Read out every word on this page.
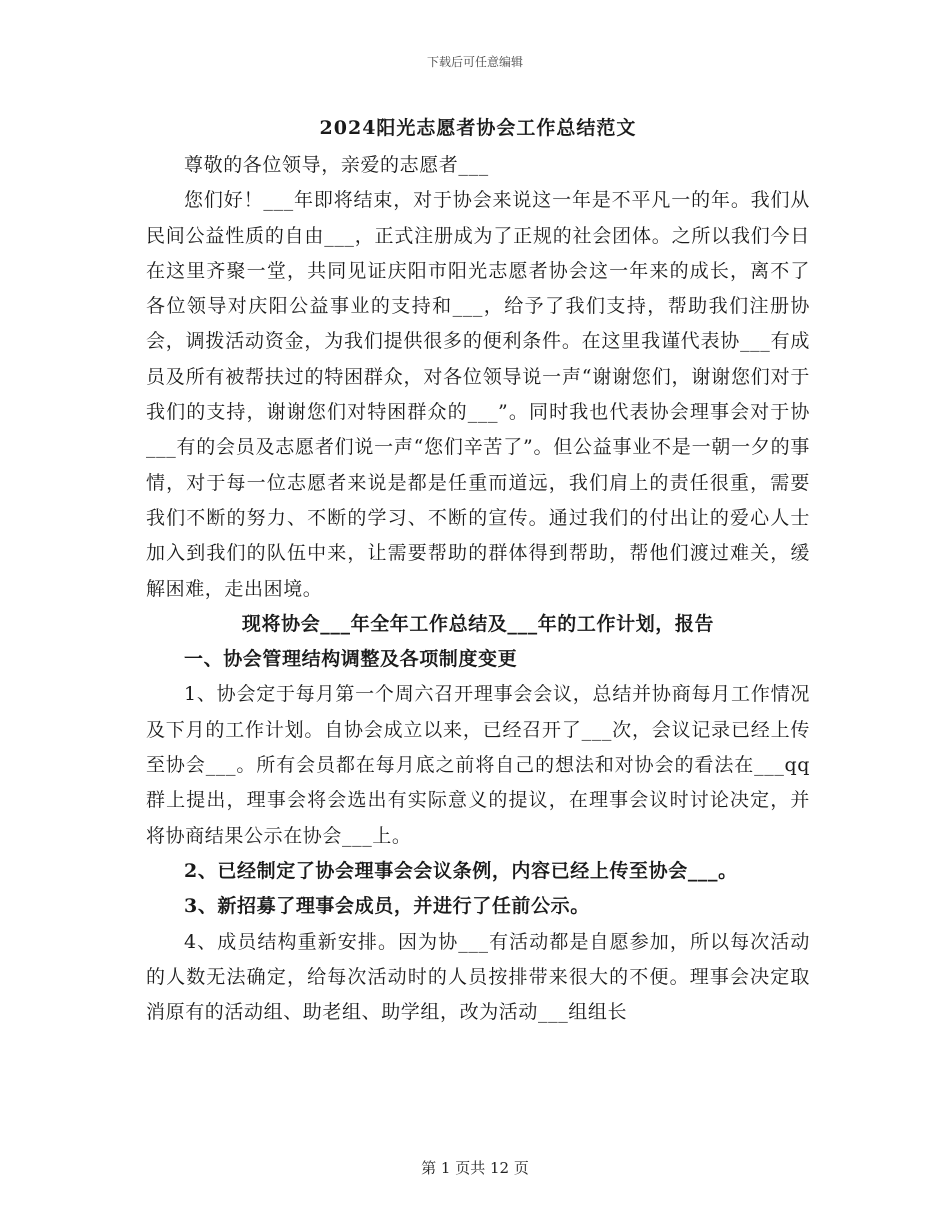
下载后可任意编辑

2024阳光志愿者协会工作总结范文

尊敬的各位领导，亲爱的志愿者___

您们好！___年即将结束，对于协会来说这一年是不平凡一的年。我们从民间公益性质的自由___，正式注册成为了正规的社会团体。之所以我们今日在这里齐聚一堂，共同见证庆阳市阳光志愿者协会这一年来的成长，离不了各位领导对庆阳公益事业的支持和___，给予了我们支持，帮助我们注册协会，调拨活动资金，为我们提供很多的便利条件。在这里我谨代表协___有成员及所有被帮扶过的特困群众，对各位领导说一声“谢谢您们，谢谢您们对于我们的支持，谢谢您们对特困群众的___”。同时我也代表协会理事会对于协___有的会员及志愿者们说一声“您们辛苦了”。但公益事业不是一朝一夕的事情，对于每一位志愿者来说是都是任重而道远，我们肩上的责任很重，需要我们不断的努力、不断的学习、不断的宣传。通过我们的付出让的爱心人士加入到我们的队伍中来，让需要帮助的群体得到帮助，帮他们渡过难关，缓解困难，走出困境。

现将协会___年全年工作总结及___年的工作计划，报告

一、协会管理结构调整及各项制度变更

1、协会定于每月第一个周六召开理事会会议，总结并协商每月工作情况及下月的工作计划。自协会成立以来，已经召开了___次，会议记录已经上传至协会___。所有会员都在每月底之前将自己的想法和对协会的看法在___qq群上提出，理事会将会选出有实际意义的提议，在理事会议时讨论决定，并将协商结果公示在协会___上。

2、已经制定了协会理事会会议条例，内容已经上传至协会___。

3、新招募了理事会成员，并进行了任前公示。

4、成员结构重新安排。因为协___有活动都是自愿参加，所以每次活动的人数无法确定，给每次活动时的人员按排带来很大的不便。理事会决定取消原有的活动组、助老组、助学组，改为活动___组组长

第 1 页共 12 页
